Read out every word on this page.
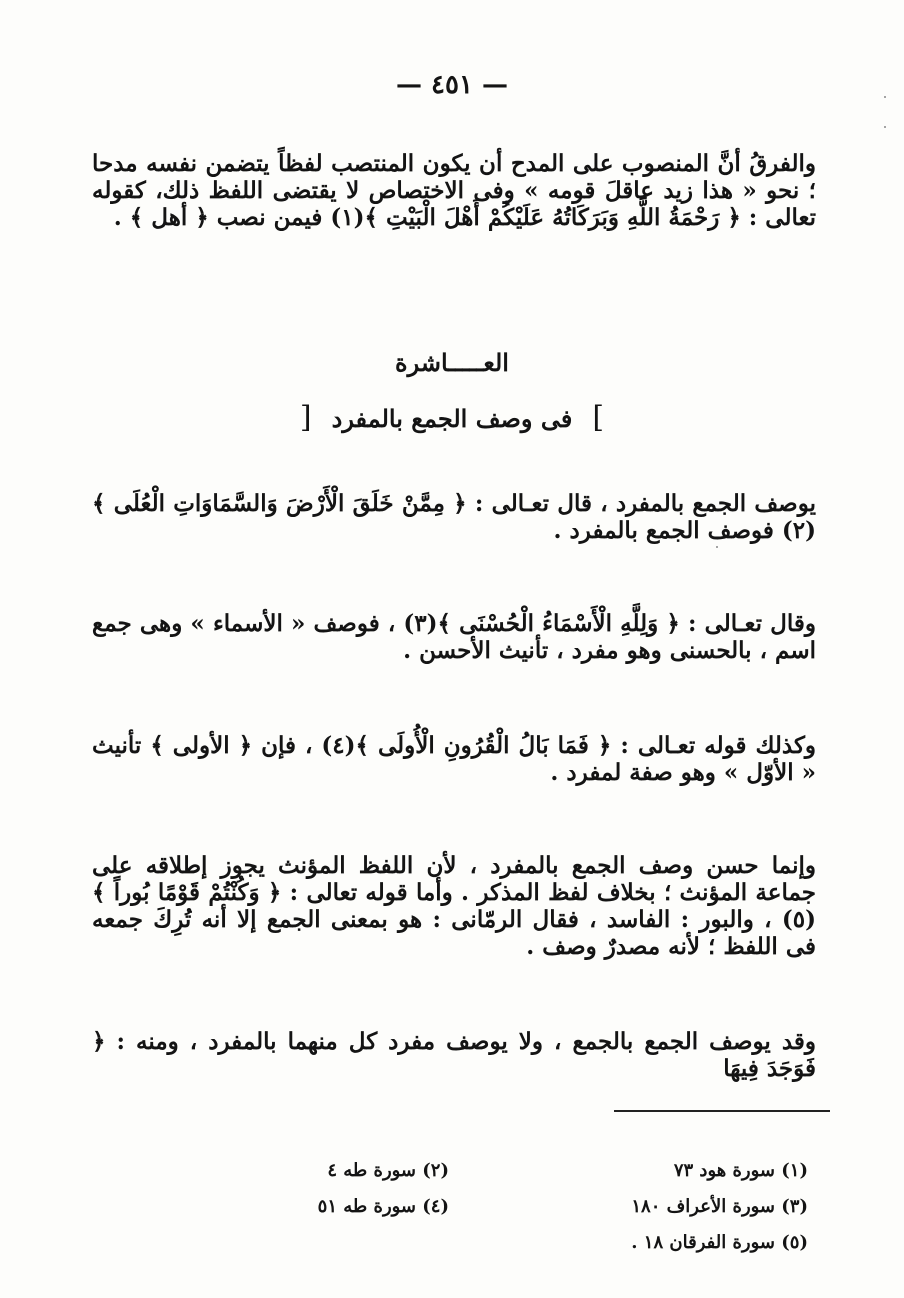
— ٤٥١ —
والفرقُ أنَّ المنصوب على المدح أن يكون المنتصب لفظاً يتضمن نفسه مدحا ؛ نحو « هذا زيد عاقلَ قومه » وفى الاختصاص لا يقتضى اللفظ ذلك، كقوله تعالى : ﴿ رَحْمَةُ اللَّهِ وَبَرَكَاتُهُ عَلَيْكُمْ أَهْلَ الْبَيْتِ ﴾(١) فيمن نصب ﴿ أهل ﴾ .
العـــــاشرة
]فى وصف الجمع بالمفرد[
يوصف الجمع بالمفرد ، قال تعـالى : ﴿ مِمَّنْ خَلَقَ الْأَرْضَ وَالسَّمَاوَاتِ الْعُلَى ﴾(٢) فوصف الجمع بالمفرد .
وقال تعـالى : ﴿ وَلِلَّهِ الْأَسْمَاءُ الْحُسْنَى ﴾(٣) ، فوصف « الأسماء » وهى جمع اسم ، بالحسنى وهو مفرد ، تأنيث الأحسن .
وكذلك قوله تعـالى : ﴿ فَمَا بَالُ الْقُرُونِ الْأُولَى ﴾(٤) ، فإن ﴿ الأولى ﴾ تأنيث « الأوّل » وهو صفة لمفرد .
وإنما حسن وصف الجمع بالمفرد ، لأن اللفظ المؤنث يجوز إطلاقه على جماعة المؤنث ؛ بخلاف لفظ المذكر . وأما قوله تعالى : ﴿ وَكُنْتُمْ قَوْمًا بُوراً ﴾(٥) ، والبور : الفاسد ، فقال الرمّانى : هو بمعنى الجمع إلا أنه تُرِكَ جمعه فى اللفظ ؛ لأنه مصدرٌ وصف .
وقد يوصف الجمع بالجمع ، ولا يوصف مفرد كل منهما بالمفرد ، ومنه : ﴿ فَوَجَدَ فِيهَا
(١) سورة هود ٧٣
(٢) سورة طه ٤
(٣) سورة الأعراف ١٨٠
(٤) سورة طه ٥١
(٥) سورة الفرقان ١٨ .
